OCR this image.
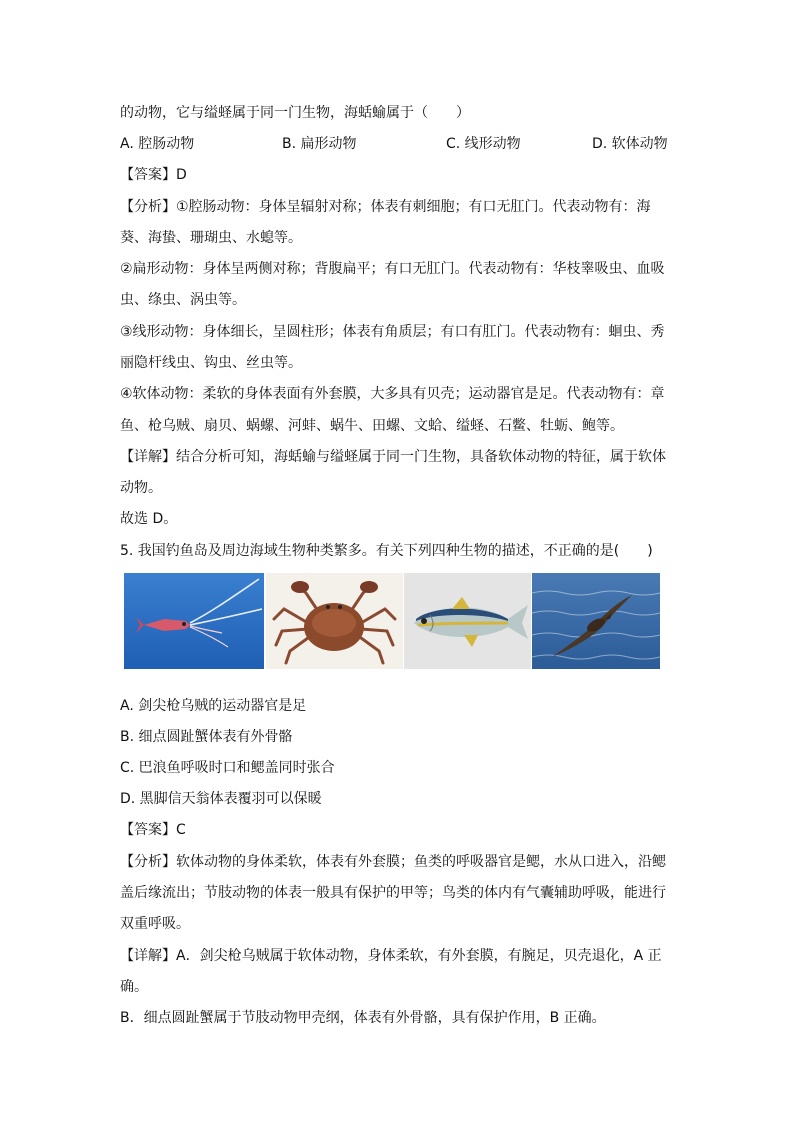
的动物，它与缢蛏属于同一门生物，海蛞蝓属于（　　）
A. 腔肠动物	B. 扁形动物	C. 线形动物	D. 软体动物
【答案】D
【分析】①腔肠动物：身体呈辐射对称；体表有刺细胞；有口无肛门。代表动物有：海
葵、海蛰、珊瑚虫、水螅等。
②扁形动物：身体呈两侧对称；背腹扁平；有口无肛门。代表动物有：华枝睾吸虫、血吸
虫、绦虫、涡虫等。
③线形动物：身体细长，呈圆柱形；体表有角质层；有口有肛门。代表动物有：蛔虫、秀
丽隐杆线虫、钩虫、丝虫等。
④软体动物：柔软的身体表面有外套膜，大多具有贝壳；运动器官是足。代表动物有：章
鱼、枪乌贼、扇贝、蜗螺、河蚌、蜗牛、田螺、文蛤、缢蛏、石鳖、牡蛎、鲍等。
【详解】结合分析可知，海蛞蝓与缢蛏属于同一门生物，具备软体动物的特征，属于软体
动物。
故选 D。
5. 我国钓鱼岛及周边海域生物种类繁多。有关下列四种生物的描述，不正确的是(　　)
A. 剑尖枪乌贼的运动器官是足
B. 细点圆趾蟹体表有外骨骼
C. 巴浪鱼呼吸时口和鳃盖同时张合
D. 黑脚信天翁体表覆羽可以保暖
【答案】C
【分析】软体动物的身体柔软，体表有外套膜；鱼类的呼吸器官是鳃，水从口进入，沿鳃
盖后缘流出；节肢动物的体表一般具有保护的甲等；鸟类的体内有气囊辅助呼吸，能进行
双重呼吸。
【详解】A．剑尖枪乌贼属于软体动物，身体柔软，有外套膜，有腕足，贝壳退化，A 正
确。
B．细点圆趾蟹属于节肢动物甲壳纲，体表有外骨骼，具有保护作用，B 正确。
